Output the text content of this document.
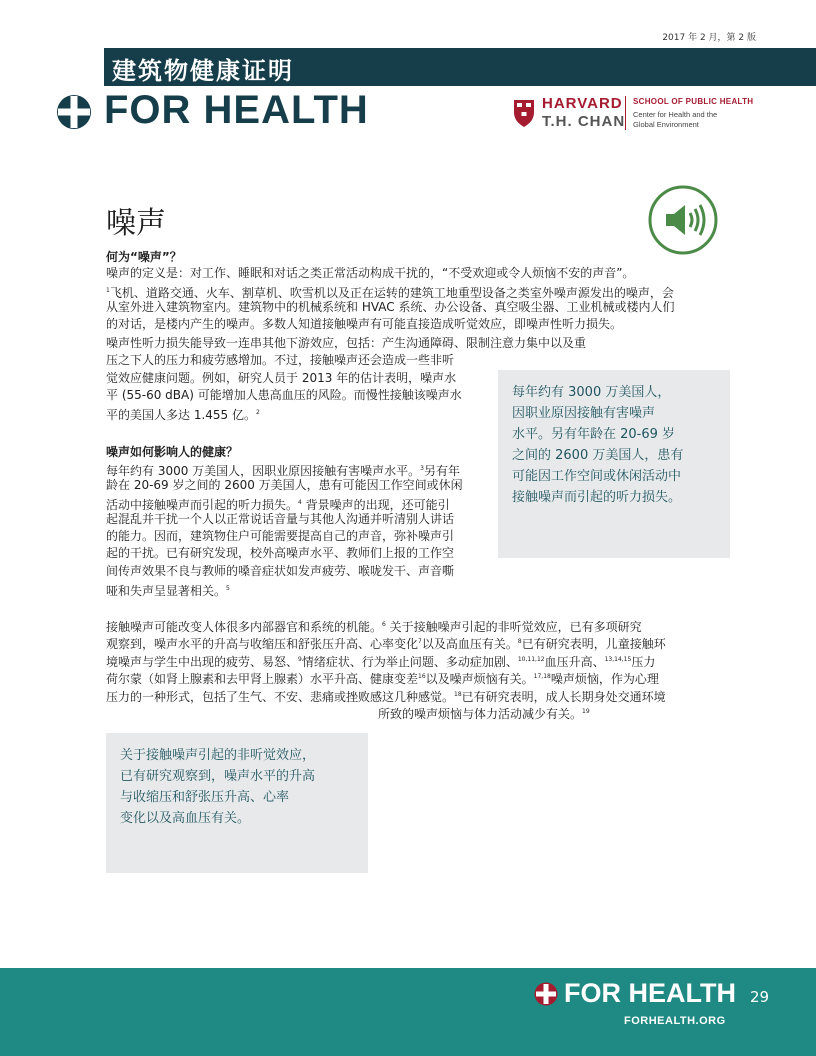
2017 年 2 月，第 2 版
建筑物健康证明
FOR HEALTH	HARVARD
T.H. CHAN
SCHOOL OF PUBLIC HEALTH
Center for Health and the
Global Environment
噪声
何为“噪声”？
噪声的定义是：对工作、睡眠和对话之类正常活动构成干扰的，“不受欢迎或令人烦恼不安的声音”。
$^1$飞机、道路交通、火车、割草机、吹雪机以及正在运转的建筑工地重型设备之类室外噪声源发出的噪声，会
从室外进入建筑物室内。建筑物中的机械系统和 HVAC 系统、办公设备、真空吸尘器、工业机械或楼内人们
的对话，是楼内产生的噪声。多数人知道接触噪声有可能直接造成听觉效应，即噪声性听力损失。
噪声性听力损失能导致一连串其他下游效应，包括：产生沟通障碍、限制注意力集中以及重
压之下人的压力和疲劳感增加。不过，接触噪声还会造成一些非听
觉效应健康问题。例如，研究人员于 2013 年的估计表明，噪声水
平 (55-60 dBA) 可能增加人患高血压的风险。而慢性接触该噪声水
平的美国人多达 1.455 亿。$^2$
每年约有 3000 万美国人，
因职业原因接触有害噪声
水平。另有年龄在 20-69 岁
之间的 2600 万美国人，患有
可能因工作空间或休闲活动中
接触噪声而引起的听力损失。
噪声如何影响人的健康？
每年约有 3000 万美国人，因职业原因接触有害噪声水平。$^3$另有年
龄在 20-69 岁之间的 2600 万美国人，患有可能因工作空间或休闲
活动中接触噪声而引起的听力损失。$^4$ 背景噪声的出现，还可能引
起混乱并干扰一个人以正常说话音量与其他人沟通并听清别人讲话
的能力。因而，建筑物住户可能需要提高自己的声音，弥补噪声引
起的干扰。已有研究发现，校外高噪声水平、教师们上报的工作空
间传声效果不良与教师的嗓音症状如发声疲劳、喉咙发干、声音嘶
哑和失声呈显著相关。$^5$
接触噪声可能改变人体很多内部器官和系统的机能。$^6$ 关于接触噪声引起的非听觉效应，已有多项研究
观察到，噪声水平的升高与收缩压和舒张压升高、心率变化$^7$以及高血压有关。$^8$已有研究表明，儿童接触环
境噪声与学生中出现的疲劳、易怒、$^9$情绪症状、行为举止问题、多动症加剧、$^{10,11,12}$血压升高、$^{13,14,15}$压力
荷尔蒙（如肾上腺素和去甲肾上腺素）水平升高、健康变差$^{16}$以及噪声烦恼有关。$^{17,18}$噪声烦恼，作为心理
压力的一种形式，包括了生气、不安、悲痛或挫败感这几种感觉。$^{18}$已有研究表明，成人长期身处交通环境
所致的噪声烦恼与体力活动减少有关。$^{19}$
关于接触噪声引起的非听觉效应，
已有研究观察到，噪声水平的升高
与收缩压和舒张压升高、心率
变化以及高血压有关。
FOR HEALTH 29
FORHEALTH.ORG
